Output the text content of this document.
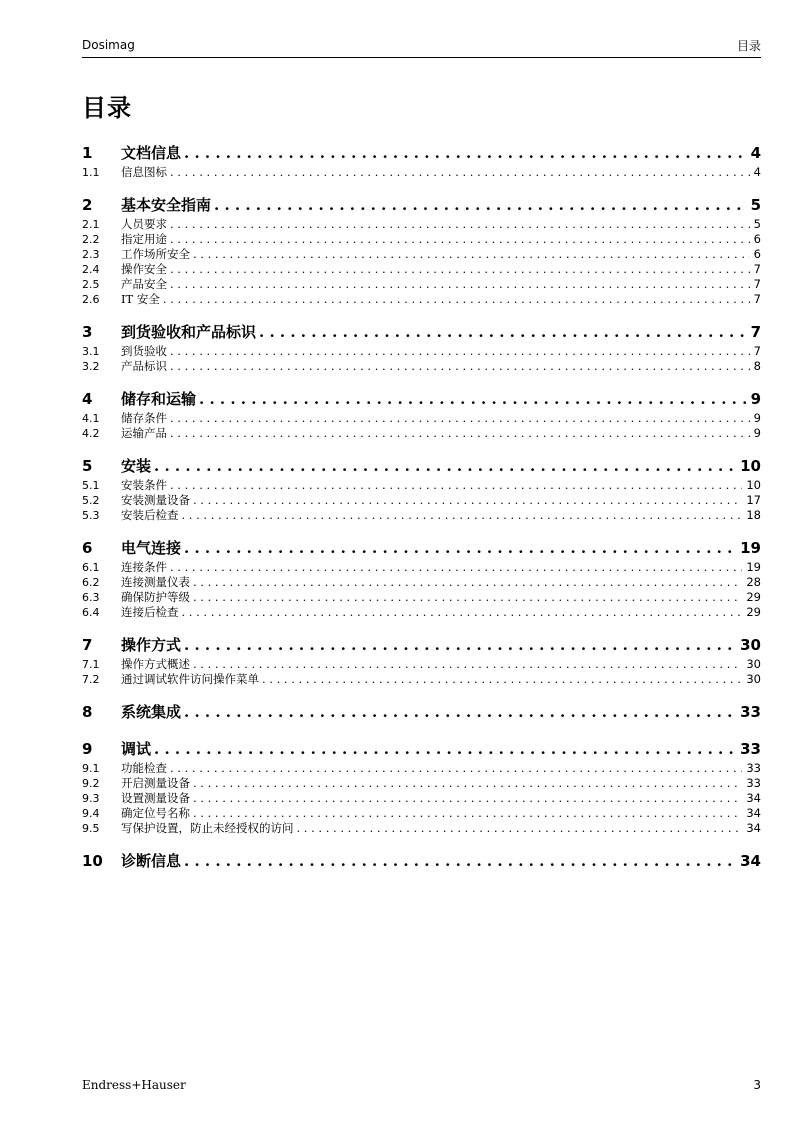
Dosimag	目录
目录
1	文档信息 . . .	4
1.1	信息图标 . . .	4
2	基本安全指南 . . .	5
2.1	人员要求 . . .	5
2.2	指定用途 . . .	6
2.3	工作场所安全 . . .	6
2.4	操作安全 . . .	7
2.5	产品安全 . . .	7
2.6	IT 安全 . . .	7
3	到货验收和产品标识 . . .	7
3.1	到货验收 . . .	7
3.2	产品标识 . . .	8
4	储存和运输 . . .	9
4.1	储存条件 . . .	9
4.2	运输产品 . . .	9
5	安装 . . .	10
5.1	安装条件 . . .	10
5.2	安装测量设备 . . .	17
5.3	安装后检查 . . .	18
6	电气连接 . . .	19
6.1	连接条件 . . .	19
6.2	连接测量仪表 . . .	28
6.3	确保防护等级 . . .	29
6.4	连接后检查 . . .	29
7	操作方式 . . .	30
7.1	操作方式概述 . . .	30
7.2	通过调试软件访问操作菜单 . . .	30
8	系统集成 . . .	33
9	调试 . . .	33
9.1	功能检查 . . .	33
9.2	开启测量设备 . . .	33
9.3	设置测量设备 . . .	34
9.4	确定位号名称 . . .	34
9.5	写保护设置，防止未经授权的访问 . . .	34
10	诊断信息 . . .	34
Endress+Hauser	3
